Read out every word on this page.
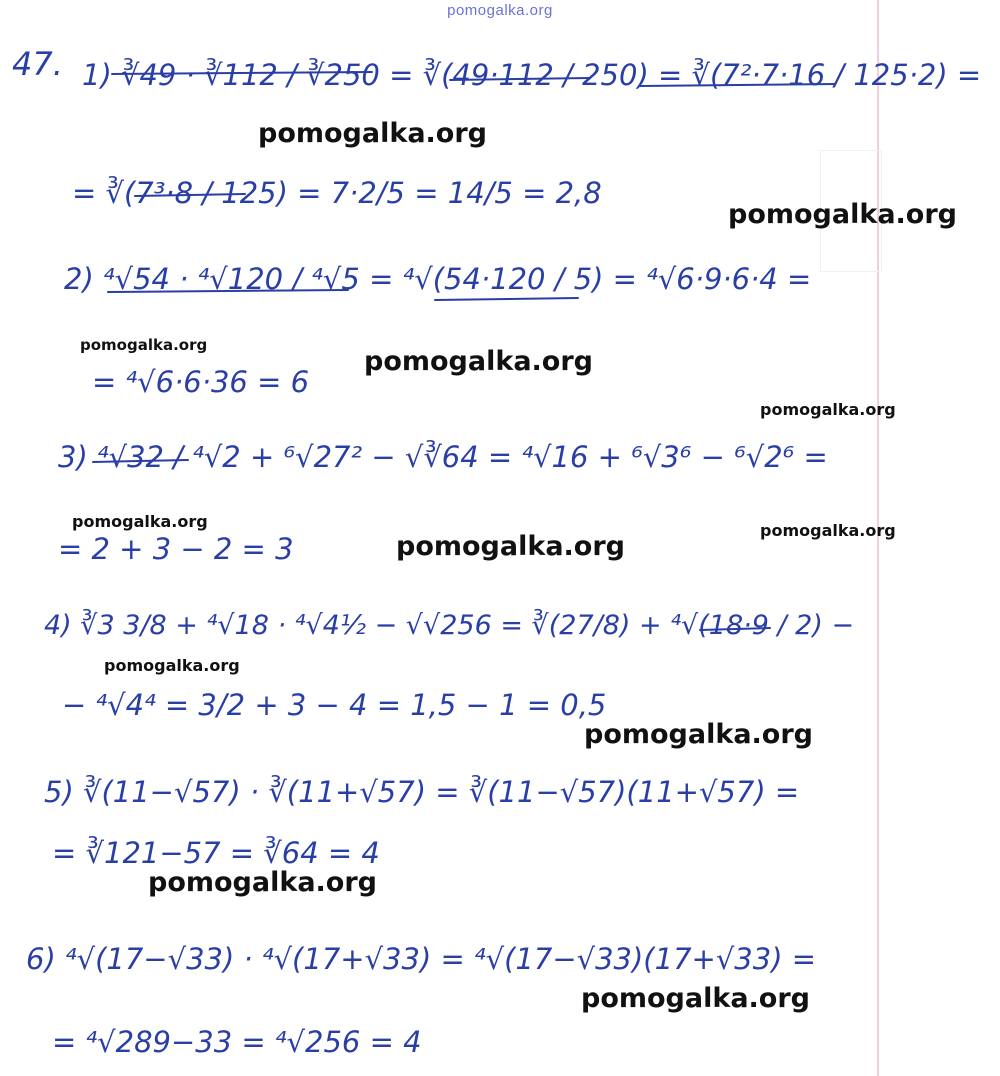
pomogalka.org
47. 1) ∛49 · ∛112 / ∛250 = ∛(49·112 / 250) = ∛(7²·7·16 / 125·2) =
= ∛(7³·8 / 125) = 7·2/5 = 14/5 = 2,8
2) ⁴√54 · ⁴√120 / ⁴√5 = ⁴√(54·120 / 5) = ⁴√6·9·6·4 =
= ⁴√6·6·36 = 6
3) ⁴√32 / ⁴√2 + ⁶√27² − √∛64 = ⁴√16 + ⁶√3⁶ − ⁶√2⁶ =
= 2 + 3 − 2 = 3
4) ∛3 3/8 + ⁴√18 · ⁴√4½ − √√256 = ∛(27/8) + ⁴√(18·9 / 2) −
− ⁴√4⁴ = 3/2 + 3 − 4 = 1,5 − 1 = 0,5
5) ∛(11−√57) · ∛(11+√57) = ∛(11−√57)(11+√57) =
= ∛121−57 = ∛64 = 4
6) ⁴√(17−√33) · ⁴√(17+√33) = ⁴√(17−√33)(17+√33) =
= ⁴√289−33 = ⁴√256 = 4
pomogalka.org
pomogalka.org
pomogalka.org
pomogalka.org
pomogalka.org
pomogalka.org	pomogalka.org
pomogalka.org
pomogalka.org
pomogalka.org
pomogalka.org
pomogalka.org
